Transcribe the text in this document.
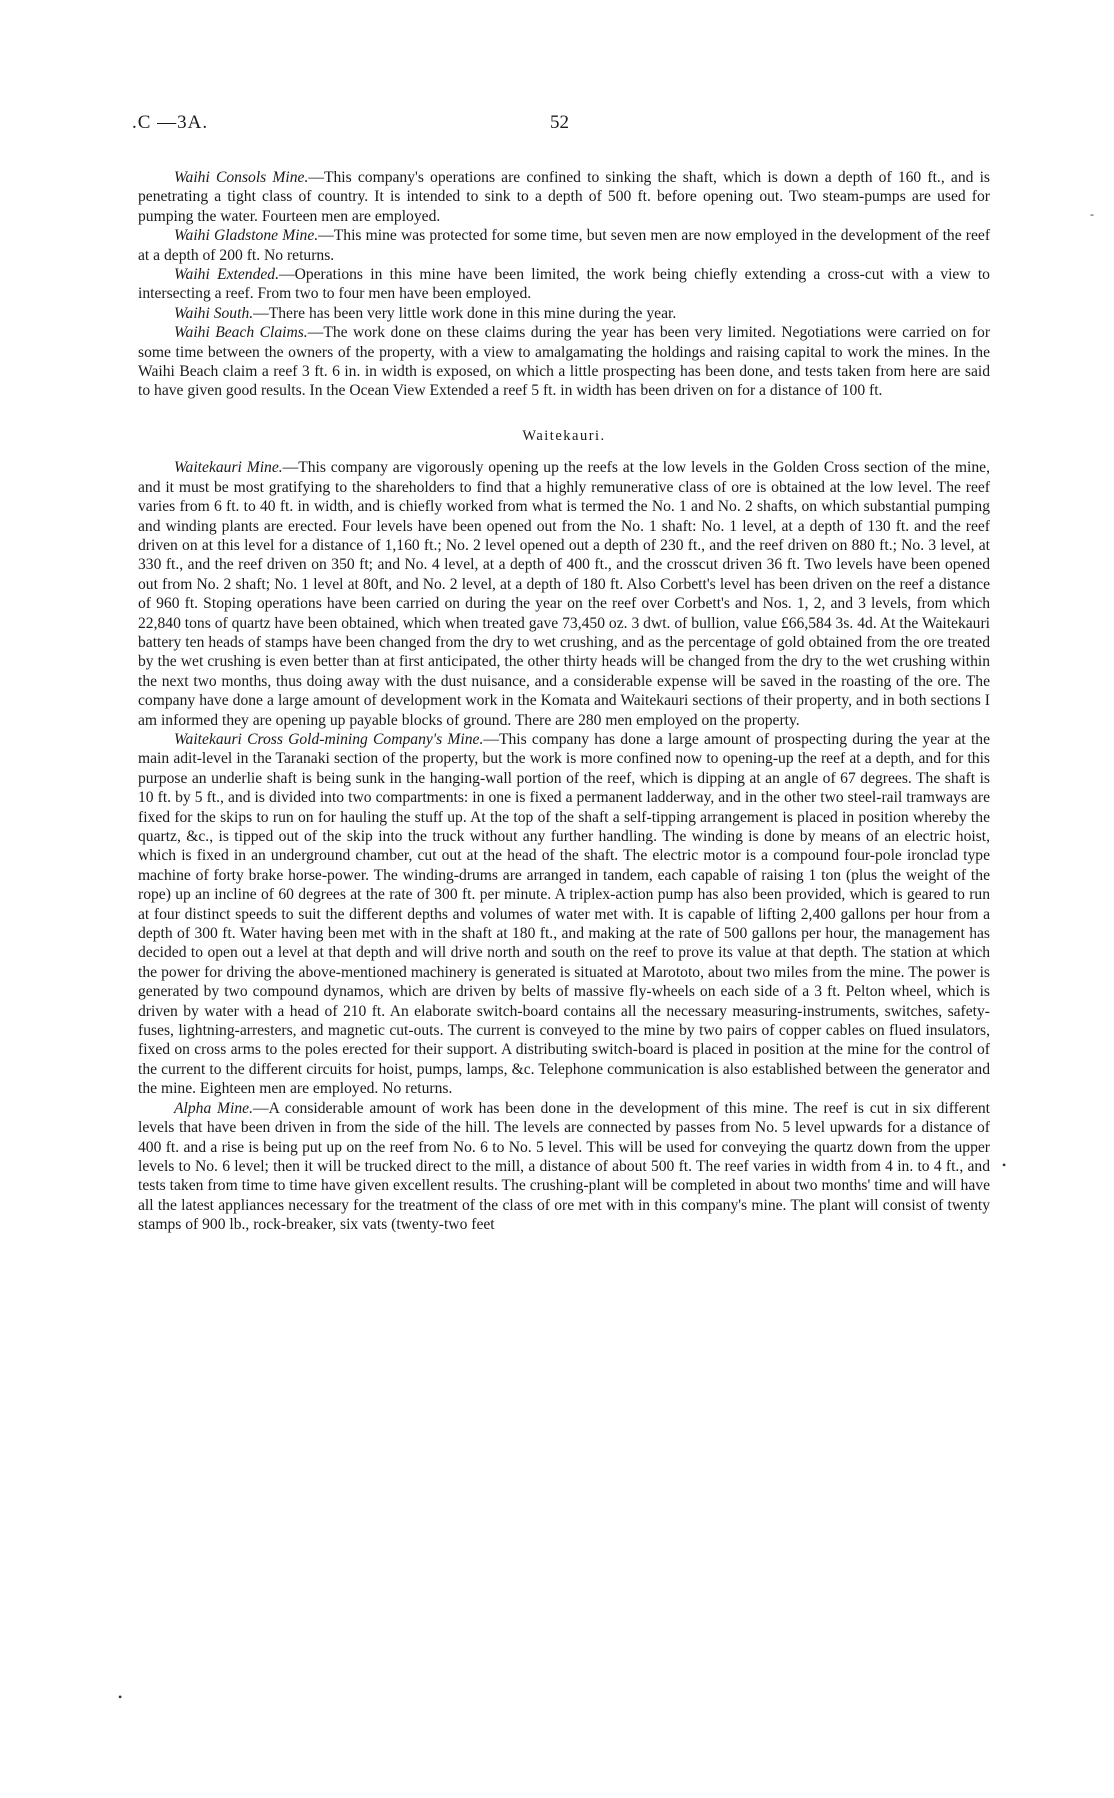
.C —3A.	52

Waihi Consols Mine.—This company's operations are confined to sinking the shaft, which is down a depth of 160 ft., and is penetrating a tight class of country. It is intended to sink to a depth of 500 ft. before opening out. Two steam-pumps are used for pumping the water. Fourteen men are employed.

Waihi Gladstone Mine.—This mine was protected for some time, but seven men are now employed in the development of the reef at a depth of 200 ft. No returns.

Waihi Extended.—Operations in this mine have been limited, the work being chiefly extending a cross-cut with a view to intersecting a reef. From two to four men have been employed.

Waihi South.—There has been very little work done in this mine during the year.

Waihi Beach Claims.—The work done on these claims during the year has been very limited. Negotiations were carried on for some time between the owners of the property, with a view to amalgamating the holdings and raising capital to work the mines. In the Waihi Beach claim a reef 3 ft. 6 in. in width is exposed, on which a little prospecting has been done, and tests taken from here are said to have given good results. In the Ocean View Extended a reef 5 ft. in width has been driven on for a distance of 100 ft.

Waitekauri.

Waitekauri Mine.—This company are vigorously opening up the reefs at the low levels in the Golden Cross section of the mine, and it must be most gratifying to the shareholders to find that a highly remunerative class of ore is obtained at the low level. The reef varies from 6 ft. to 40 ft. in width, and is chiefly worked from what is termed the No. 1 and No. 2 shafts, on which substantial pumping and winding plants are erected. Four levels have been opened out from the No. 1 shaft: No. 1 level, at a depth of 130 ft. and the reef driven on at this level for a distance of 1,160 ft.; No. 2 level opened out a depth of 230 ft., and the reef driven on 880 ft.; No. 3 level, at 330 ft., and the reef driven on 350 ft; and No. 4 level, at a depth of 400 ft., and the crosscut driven 36 ft. Two levels have been opened out from No. 2 shaft; No. 1 level at 80ft, and No. 2 level, at a depth of 180 ft. Also Corbett's level has been driven on the reef a distance of 960 ft. Stoping operations have been carried on during the year on the reef over Corbett's and Nos. 1, 2, and 3 levels, from which 22,840 tons of quartz have been obtained, which when treated gave 73,450 oz. 3 dwt. of bullion, value £66,584 3s. 4d. At the Waitekauri battery ten heads of stamps have been changed from the dry to wet crushing, and as the percentage of gold obtained from the ore treated by the wet crushing is even better than at first anticipated, the other thirty heads will be changed from the dry to the wet crushing within the next two months, thus doing away with the dust nuisance, and a considerable expense will be saved in the roasting of the ore. The company have done a large amount of development work in the Komata and Waitekauri sections of their property, and in both sections I am informed they are opening up payable blocks of ground. There are 280 men employed on the property.

Waitekauri Cross Gold-mining Company's Mine.—This company has done a large amount of prospecting during the year at the main adit-level in the Taranaki section of the property, but the work is more confined now to opening-up the reef at a depth, and for this purpose an underlie shaft is being sunk in the hanging-wall portion of the reef, which is dipping at an angle of 67 degrees. The shaft is 10 ft. by 5 ft., and is divided into two compartments: in one is fixed a permanent ladderway, and in the other two steel-rail tramways are fixed for the skips to run on for hauling the stuff up. At the top of the shaft a self-tipping arrangement is placed in position whereby the quartz, &c., is tipped out of the skip into the truck without any further handling. The winding is done by means of an electric hoist, which is fixed in an underground chamber, cut out at the head of the shaft. The electric motor is a compound four-pole ironclad type machine of forty brake horse-power. The winding-drums are arranged in tandem, each capable of raising 1 ton (plus the weight of the rope) up an incline of 60 degrees at the rate of 300 ft. per minute. A triplex-action pump has also been provided, which is geared to run at four distinct speeds to suit the different depths and volumes of water met with. It is capable of lifting 2,400 gallons per hour from a depth of 300 ft. Water having been met with in the shaft at 180 ft., and making at the rate of 500 gallons per hour, the management has decided to open out a level at that depth and will drive north and south on the reef to prove its value at that depth. The station at which the power for driving the above-mentioned machinery is generated is situated at Marototo, about two miles from the mine. The power is generated by two compound dynamos, which are driven by belts of massive fly-wheels on each side of a 3 ft. Pelton wheel, which is driven by water with a head of 210 ft. An elaborate switch-board contains all the necessary measuring-instruments, switches, safety-fuses, lightning-arresters, and magnetic cut-outs. The current is conveyed to the mine by two pairs of copper cables on flued insulators, fixed on cross arms to the poles erected for their support. A distributing switch-board is placed in position at the mine for the control of the current to the different circuits for hoist, pumps, lamps, &c. Telephone communication is also established between the generator and the mine. Eighteen men are employed. No returns.

Alpha Mine.—A considerable amount of work has been done in the development of this mine. The reef is cut in six different levels that have been driven in from the side of the hill. The levels are connected by passes from No. 5 level upwards for a distance of 400 ft. and a rise is being put up on the reef from No. 6 to No. 5 level. This will be used for conveying the quartz down from the upper levels to No. 6 level; then it will be trucked direct to the mill, a distance of about 500 ft. The reef varies in width from 4 in. to 4 ft., and tests taken from time to time have given excellent results. The crushing-plant will be completed in about two months' time and will have all the latest appliances necessary for the treatment of the class of ore met with in this company's mine. The plant will consist of twenty stamps of 900 lb., rock-breaker, six vats (twenty-two feet

-
•
•
